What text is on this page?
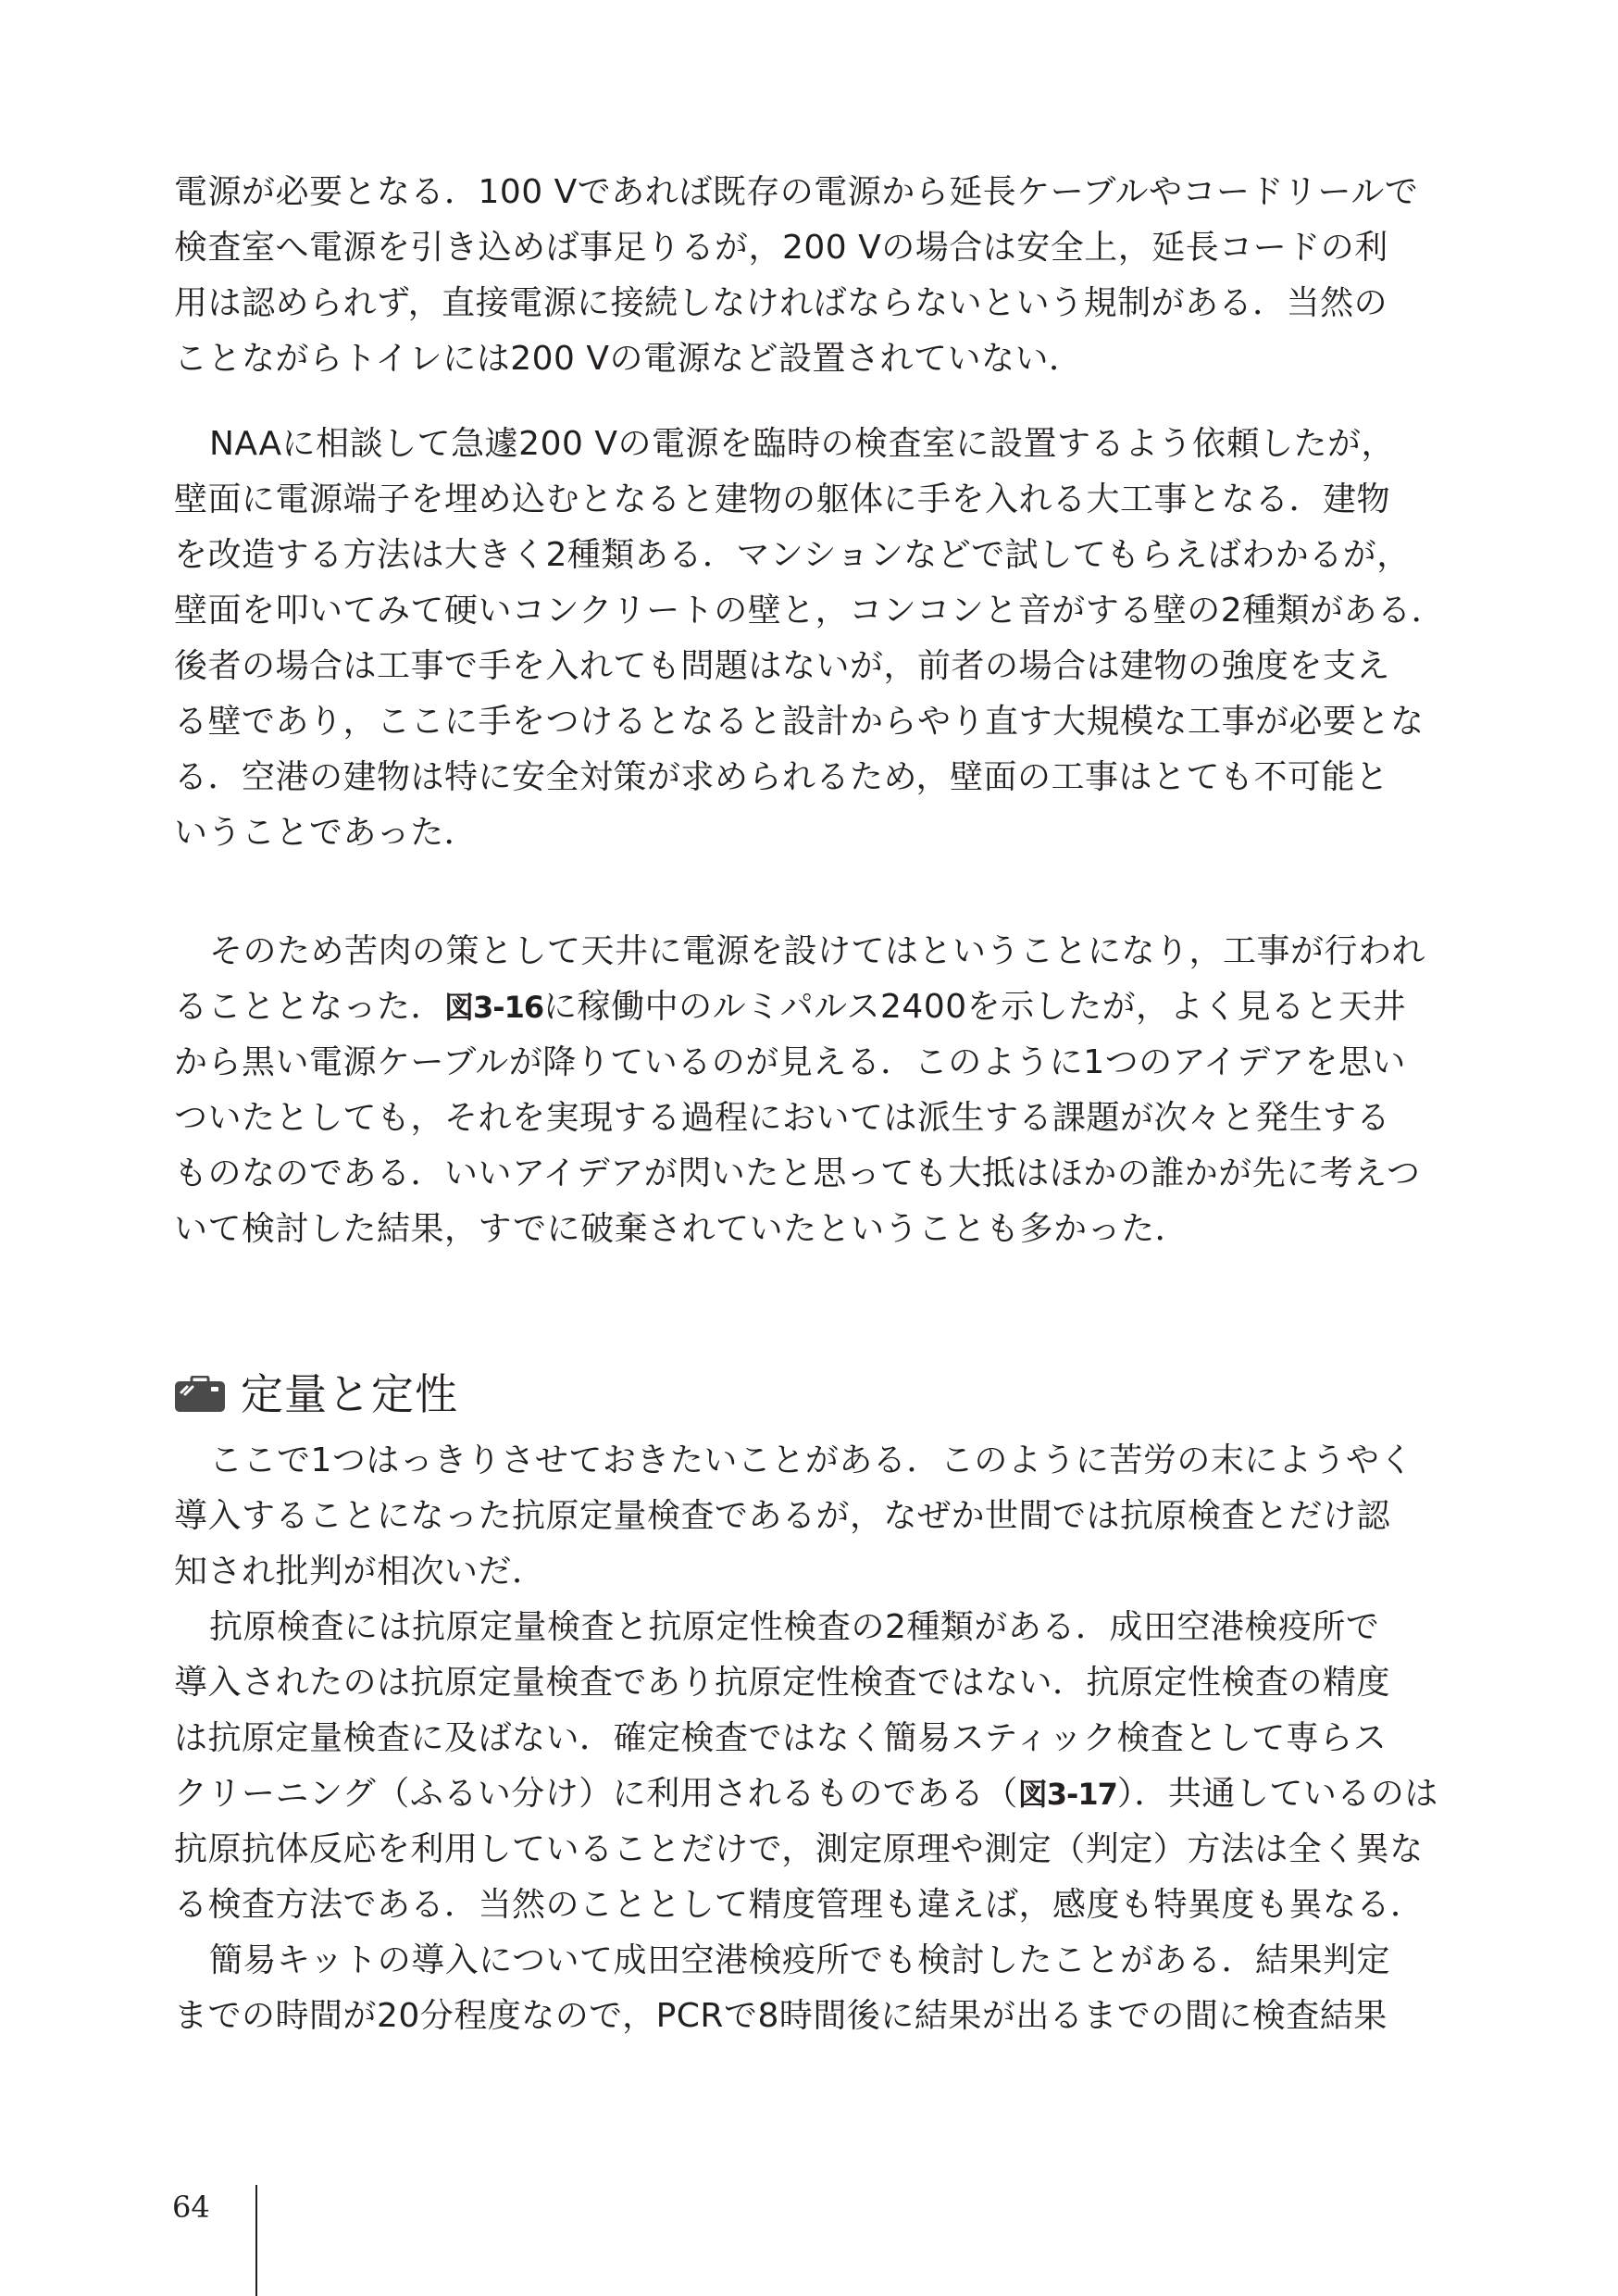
電源が必要となる．100 Vであれば既存の電源から延長ケーブルやコードリールで
検査室へ電源を引き込めば事足りるが，200 Vの場合は安全上，延長コードの利
用は認められず，直接電源に接続しなければならないという規制がある．当然の
ことながらトイレには200 Vの電源など設置されていない．
NAAに相談して急遽200 Vの電源を臨時の検査室に設置するよう依頼したが，
壁面に電源端子を埋め込むとなると建物の躯体に手を入れる大工事となる．建物
を改造する方法は大きく2種類ある．マンションなどで試してもらえばわかるが，
壁面を叩いてみて硬いコンクリートの壁と，コンコンと音がする壁の2種類がある．
後者の場合は工事で手を入れても問題はないが，前者の場合は建物の強度を支え
る壁であり，ここに手をつけるとなると設計からやり直す大規模な工事が必要とな
る．空港の建物は特に安全対策が求められるため，壁面の工事はとても不可能と
いうことであった．
そのため苦肉の策として天井に電源を設けてはということになり，工事が行われ
ることとなった．図3-16に稼働中のルミパルス2400を示したが，よく見ると天井
から黒い電源ケーブルが降りているのが見える．このように1つのアイデアを思い
ついたとしても，それを実現する過程においては派生する課題が次々と発生する
ものなのである．いいアイデアが閃いたと思っても大抵はほかの誰かが先に考えつ
いて検討した結果，すでに破棄されていたということも多かった．
定量と定性
ここで1つはっきりさせておきたいことがある．このように苦労の末にようやく
導入することになった抗原定量検査であるが，なぜか世間では抗原検査とだけ認
知され批判が相次いだ．
抗原検査には抗原定量検査と抗原定性検査の2種類がある．成田空港検疫所で
導入されたのは抗原定量検査であり抗原定性検査ではない．抗原定性検査の精度
は抗原定量検査に及ばない．確定検査ではなく簡易スティック検査として専らス
クリーニング（ふるい分け）に利用されるものである（図3-17）．共通しているのは
抗原抗体反応を利用していることだけで，測定原理や測定（判定）方法は全く異な
る検査方法である．当然のこととして精度管理も違えば，感度も特異度も異なる．
簡易キットの導入について成田空港検疫所でも検討したことがある．結果判定
までの時間が20分程度なので，PCRで8時間後に結果が出るまでの間に検査結果
64
